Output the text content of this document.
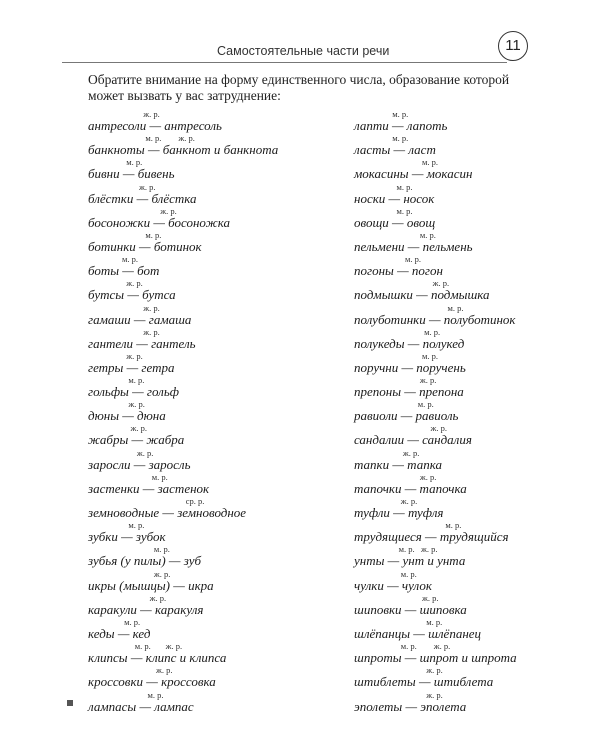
Самостоятельные части речи	11
Обратите внимание на форму единственного числа, образование которой может вызвать у вас затруднение:
ж. р.
антресоли — антресоль
м. р.        ж. р.
банкноты — банкнот и банкнота
м. р.
бивни — бивень
ж. р.
блёстки — блёстка
ж. р.
босоножки — босоножка
м. р.
ботинки — ботинок
м. р.
боты — бот
ж. р.
бутсы — бутса
ж. р.
гамаши — гамаша
ж. р.
гантели — гантель
ж. р.
гетры — гетра
м. р.
гольфы — гольф
ж. р.
дюны — дюна
ж. р.
жабры — жабра
ж. р.
заросли — заросль
м. р.
застенки — застенок
ср. р.
земноводные — земноводное
м. р.
зубки — зубок
м. р.
зубья (у пилы) — зуб
ж. р.
икры (мышцы) — икра
ж. р.
каракули — каракуля
м. р.
кеды — кед
м. р.       ж. р.
клипсы — клипс и клипса
ж. р.
кроссовки — кроссовка
м. р.
лампасы — лампас
м. р.
лапти — лапоть
м. р.
ласты — ласт
м. р.
мокасины — мокасин
м. р.
носки — носок
м. р.
овощи — овощ
м. р.
пельмени — пельмень
м. р.
погоны — погон
ж. р.
подмышки — подмышка
м. р.
полуботинки — полуботинок
м. р.
полукеды — полукед
м. р.
поручни — поручень
ж. р.
препоны — препона
м. р.
равиоли — равиоль
ж. р.
сандалии — сандалия
ж. р.
тапки — тапка
ж. р.
тапочки — тапочка
ж. р.
туфли — туфля
м. р.
трудящиеся — трудящийся
м. р.   ж. р.
унты — унт и унта
м. р.
чулки — чулок
ж. р.
шиповки — шиповка
м. р.
шлёпанцы — шлёпанец
м. р.        ж. р.
шпроты — шпрот и шпрота
ж. р.
штиблеты — штиблета
ж. р.
эполеты — эполета
